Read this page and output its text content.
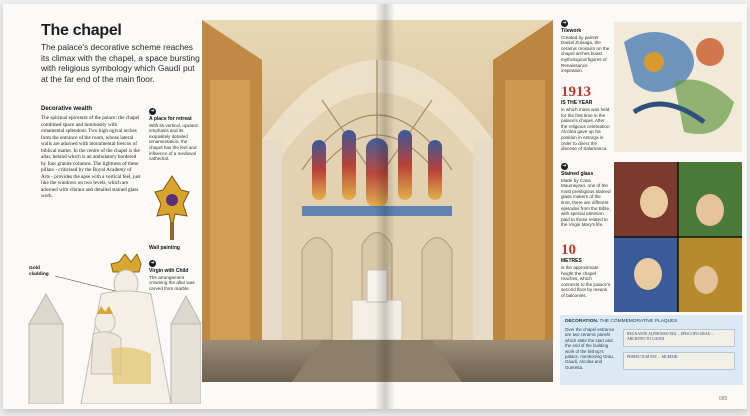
The chapel
The palace's decorative scheme reaches its climax with the chapel, a space bursting with religious symbology which Gaudí put at the far end of the main floor.
Decorative wealth
The spiritual epicentre of the palace: the chapel combined space and luminosity with ornamental splendour. Two high ogival arches form the entrance of the room, whose lateral walls are adorned with monumental frescos of biblical matter. In the centre of the chapel is the altar, behind which is an ambulatory bordered by four granite columns. The lightness of these pillars - criticised by the Royal Academy of Arts - provides the apse with a vertical feel, just like the windows on two levels, which are adorned with vibrant and detailed stained glass work.
➔
A place for retreat
With its vertical, upward emphasis and its exquisitely detailed ornamentation, the chapel has the feel and influence of a medieval cathedral.
Wall painting
➔
Virgin with Child
The arrangement crowning the altar was carved from marble.
Gold
cladding
➔
Tilework
Created by painter Daniel Zuloaga, the ceramic mosaics on the chapel arches boast mythological figures of Renaissance inspiration.
1913
IS THE YEAR
in which mass was held for the first time in the palace's chapel. After the religious celebration Alcolea gave up his position in Astorga in order to direct the diocese of Salamanca.
➔
Stained glass
Made by Casa Maumejean, one of the most prestigious stained glass makers of the time, there are different episodes from the Bible, with special attention paid to those related to the Virgin Mary's life.
10
METRES
is the approximate height the chapel reaches, which connects to the palace's second floor by means of balconies.
DECORATION. THE COMMEMORATIVE PLAQUES
Over the chapel entrance are two ceramic panels which state the start and the end of the building work of the bishop's palace, mentioning Grau, Gaudí, Alcolea and Gueretta.
REGNANTE ALPHONSO XIII ... EPISCOPO GRAU ... ARCHITECTO GAUDI
PERFECTUM EST ... MCMXIII
085
